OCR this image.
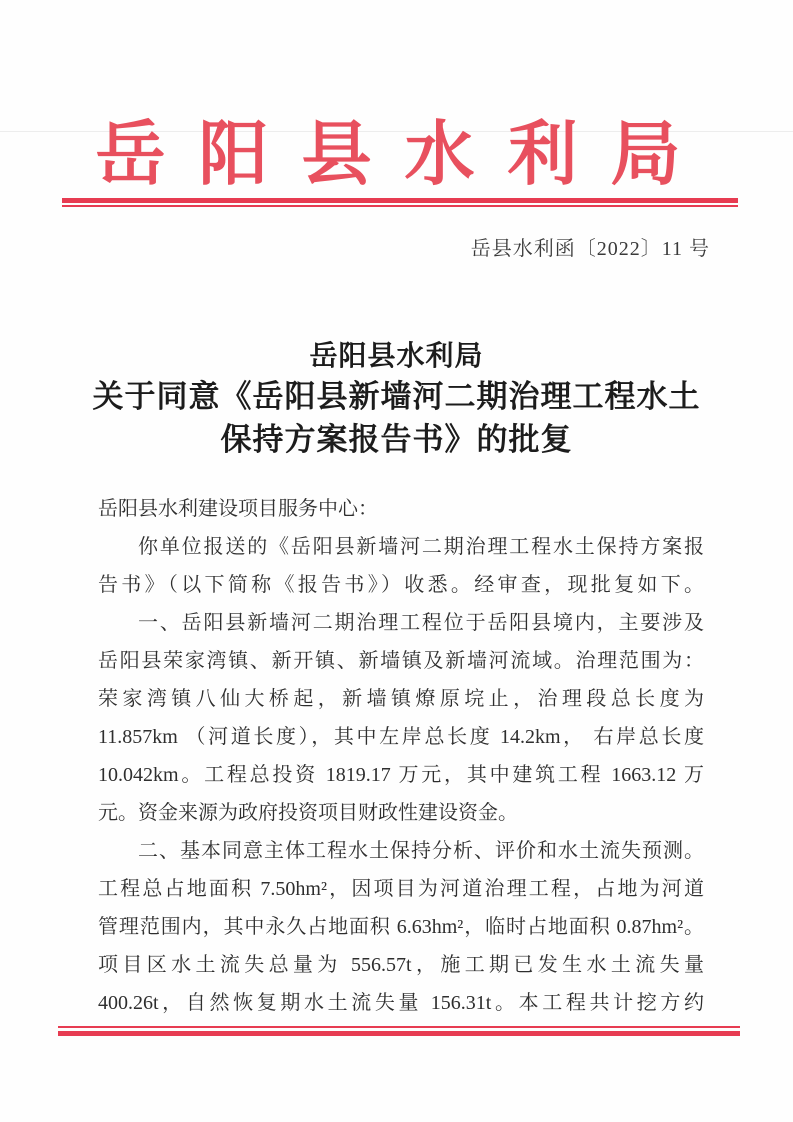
岳阳县水利局
岳县水利函〔2022〕11 号
岳阳县水利局
关于同意《岳阳县新墙河二期治理工程水土
保持方案报告书》的批复
岳阳县水利建设项目服务中心：
你单位报送的《岳阳县新墙河二期治理工程水土保持方案报
告书》（以下简称《报告书》）收悉。经审查，现批复如下。
一、岳阳县新墙河二期治理工程位于岳阳县境内，主要涉及
岳阳县荣家湾镇、新开镇、新墙镇及新墙河流域。治理范围为：
荣家湾镇八仙大桥起，新墙镇燎原垸止，治理段总长度为
11.857km （河道长度），其中左岸总长度 14.2km， 右岸总长度
10.042km。工程总投资 1819.17 万元，其中建筑工程 1663.12 万
元。资金来源为政府投资项目财政性建设资金。
二、基本同意主体工程水土保持分析、评价和水土流失预测。
工程总占地面积 7.50hm²，因项目为河道治理工程，占地为河道
管理范围内，其中永久占地面积 6.63hm²，临时占地面积 0.87hm²。
项目区水土流失总量为 556.57t，施工期已发生水土流失量
400.26t，自然恢复期水土流失量 156.31t。本工程共计挖方约
